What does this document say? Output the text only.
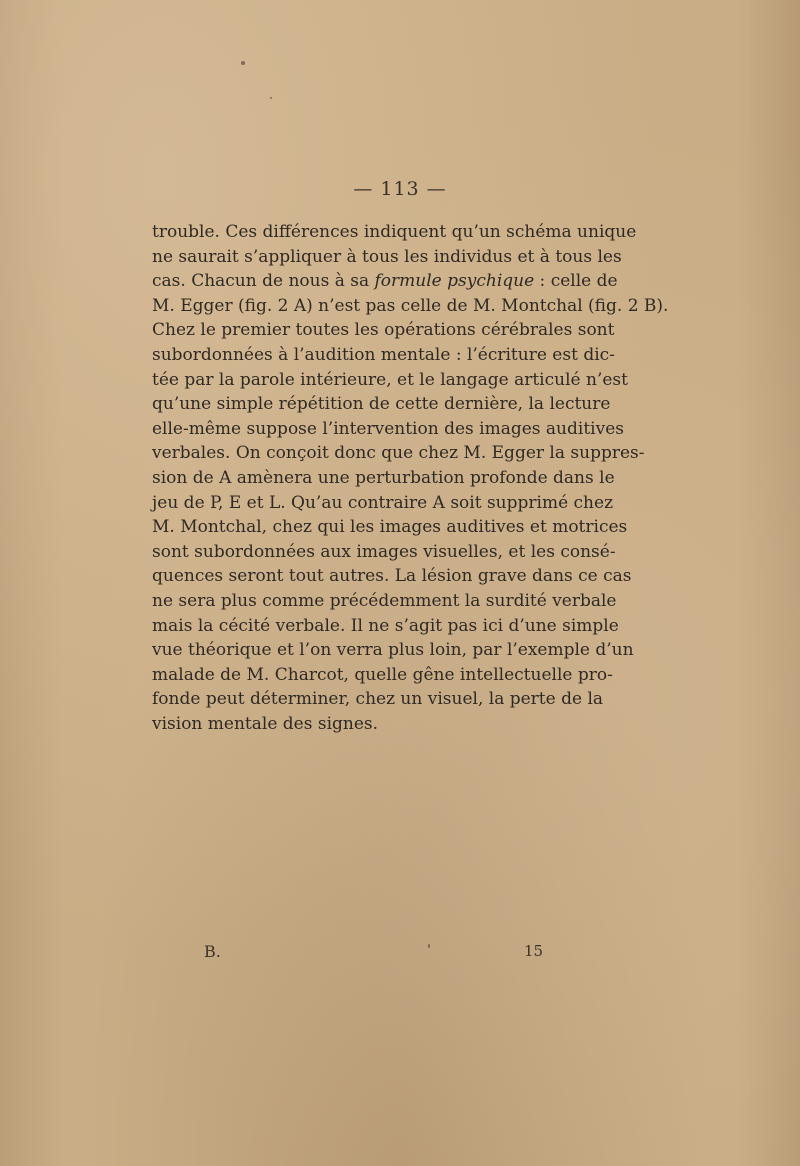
— 113 —
trouble. Ces différences indiquent qu’un schéma unique
ne saurait s’appliquer à tous les individus et à tous les
cas. Chacun de nous à sa formule psychique : celle de
M. Egger (fig. 2 A) n’est pas celle de M. Montchal (fig. 2 B).
Chez le premier toutes les opérations cérébrales sont
subordonnées à l’audition mentale : l’écriture est dic-
tée par la parole intérieure, et le langage articulé n’est
qu’une simple répétition de cette dernière, la lecture
elle-même suppose l’intervention des images auditives
verbales. On conçoit donc que chez M. Egger la suppres-
sion de A amènera une perturbation profonde dans le
jeu de P, E et L. Qu’au contraire A soit supprimé chez
M. Montchal, chez qui les images auditives et motrices
sont subordonnées aux images visuelles, et les consé-
quences seront tout autres. La lésion grave dans ce cas
ne sera plus comme précédemment la surdité verbale
mais la cécité verbale. Il ne s’agit pas ici d’une simple
vue théorique et l’on verra plus loin, par l’exemple d’un
malade de M. Charcot, quelle gêne intellectuelle pro-
fonde peut déterminer, chez un visuel, la perte de la
vision mentale des signes.
B.	15
